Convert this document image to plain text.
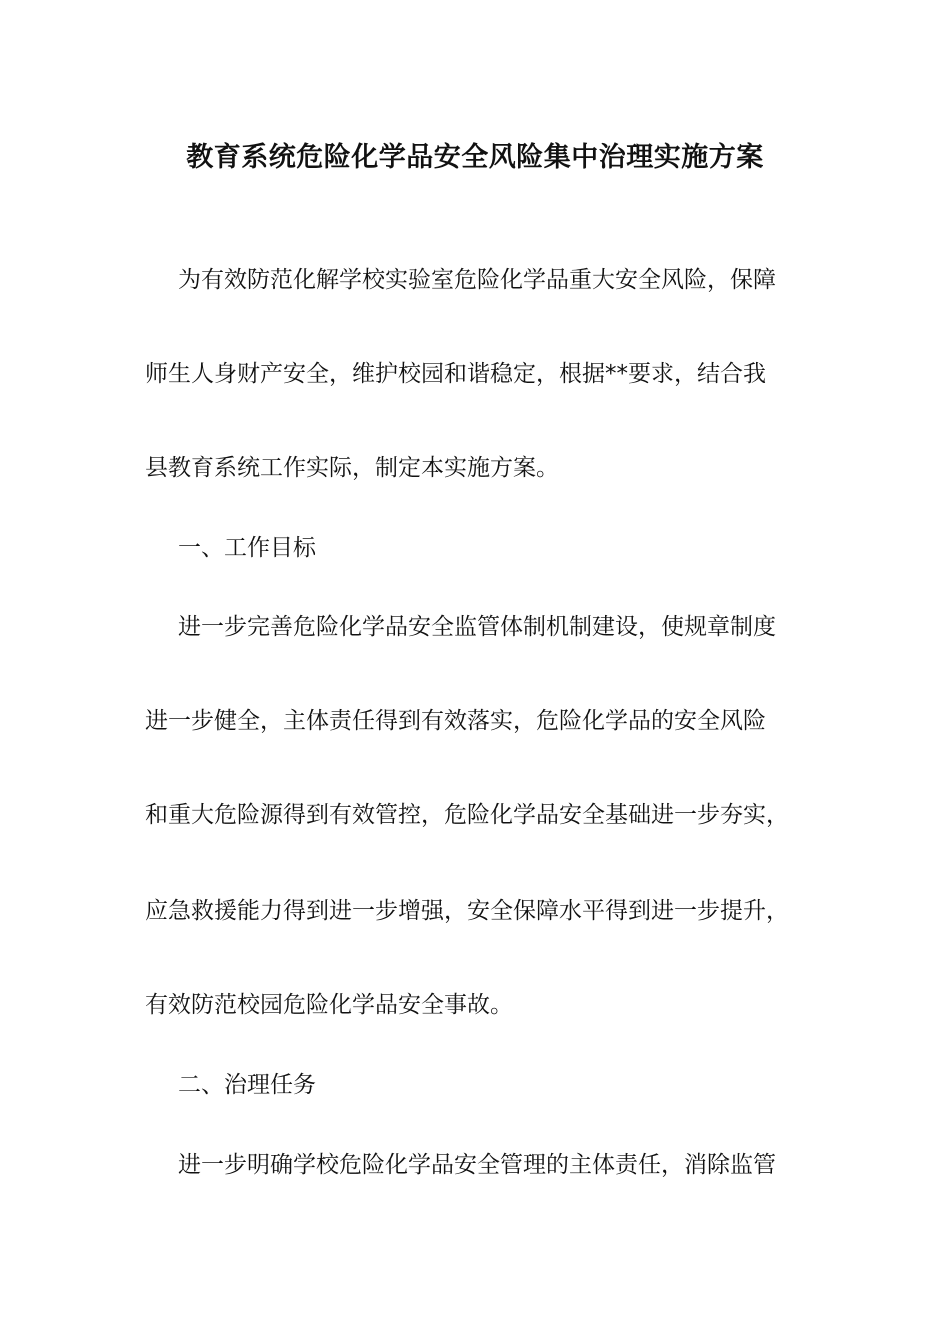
教育系统危险化学品安全风险集中治理实施方案
为有效防范化解学校实验室危险化学品重大安全风险，保障
师生人身财产安全，维护校园和谐稳定，根据**要求，结合我
县教育系统工作实际，制定本实施方案。
一、工作目标
进一步完善危险化学品安全监管体制机制建设，使规章制度
进一步健全，主体责任得到有效落实，危险化学品的安全风险
和重大危险源得到有效管控，危险化学品安全基础进一步夯实，
应急救援能力得到进一步增强，安全保障水平得到进一步提升，
有效防范校园危险化学品安全事故。
二、治理任务
进一步明确学校危险化学品安全管理的主体责任，消除监管
